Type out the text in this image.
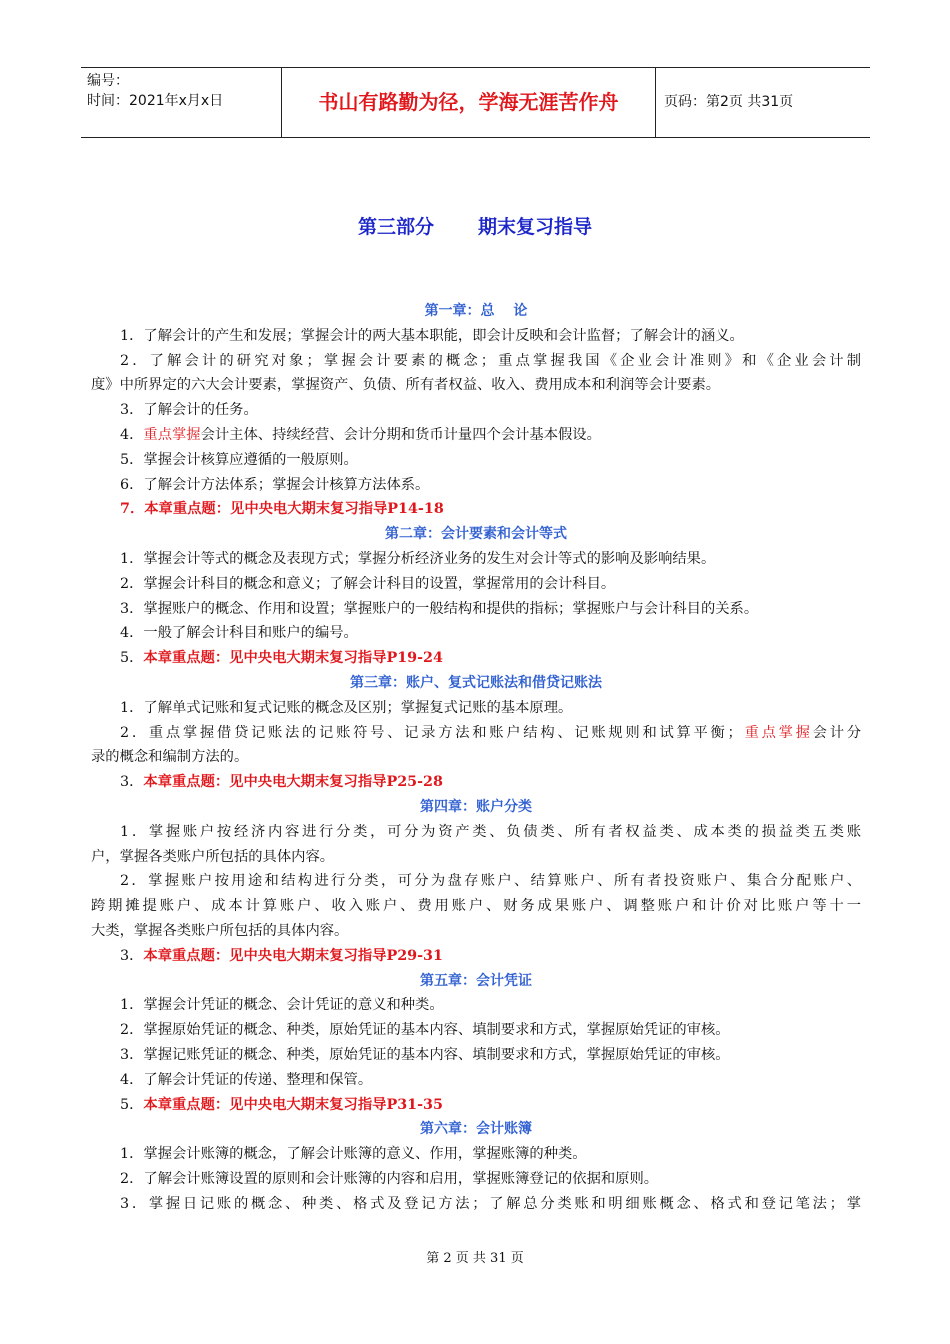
编号：
时间：2021年x月x日	书山有路勤为径，学海无涯苦作舟	页码：第2页 共31页
第三部分 期末复习指导
第一章：总　 论
1．了解会计的产生和发展；掌握会计的两大基本职能，即会计反映和会计监督；了解会计的涵义。
2．了解会计的研究对象；掌握会计要素的概念；重点掌握我国《企业会计准则》和《企业会计制
度》中所界定的六大会计要素，掌握资产、负债、所有者权益、收入、费用成本和利润等会计要素。
3．了解会计的任务。
4．重点掌握会计主体、持续经营、会计分期和货币计量四个会计基本假设。
5．掌握会计核算应遵循的一般原则。
6．了解会计方法体系；掌握会计核算方法体系。
7．本章重点题：见中央电大期末复习指导P14-18
第二章：会计要素和会计等式
1．掌握会计等式的概念及表现方式；掌握分析经济业务的发生对会计等式的影响及影响结果。
2．掌握会计科目的概念和意义；了解会计科目的设置，掌握常用的会计科目。
3．掌握账户的概念、作用和设置；掌握账户的一般结构和提供的指标；掌握账户与会计科目的关系。
4．一般了解会计科目和账户的编号。
5．本章重点题：见中央电大期末复习指导P19-24
第三章：账户、复式记账法和借贷记账法
1．了解单式记账和复式记账的概念及区别；掌握复式记账的基本原理。
2．重点掌握借贷记账法的记账符号、记录方法和账户结构、记账规则和试算平衡；重点掌握会计分
录的概念和编制方法的。
3．本章重点题：见中央电大期末复习指导P25-28
第四章：账户分类
1．掌握账户按经济内容进行分类，可分为资产类、负债类、所有者权益类、成本类的损益类五类账
户，掌握各类账户所包括的具体内容。
2．掌握账户按用途和结构进行分类，可分为盘存账户、结算账户、所有者投资账户、集合分配账户、
跨期摊提账户、成本计算账户、收入账户、费用账户、财务成果账户、调整账户和计价对比账户等十一
大类，掌握各类账户所包括的具体内容。
3．本章重点题：见中央电大期末复习指导P29-31
第五章：会计凭证
1．掌握会计凭证的概念、会计凭证的意义和种类。
2．掌握原始凭证的概念、种类，原始凭证的基本内容、填制要求和方式，掌握原始凭证的审核。
3．掌握记账凭证的概念、种类，原始凭证的基本内容、填制要求和方式，掌握原始凭证的审核。
4．了解会计凭证的传递、整理和保管。
5．本章重点题：见中央电大期末复习指导P31-35
第六章：会计账簿
1．掌握会计账簿的概念，了解会计账簿的意义、作用，掌握账簿的种类。
2．了解会计账簿设置的原则和会计账簿的内容和启用，掌握账簿登记的依据和原则。
3．掌握日记账的概念、种类、格式及登记方法；了解总分类账和明细账概念、格式和登记笔法；掌
第 2 页 共 31 页
